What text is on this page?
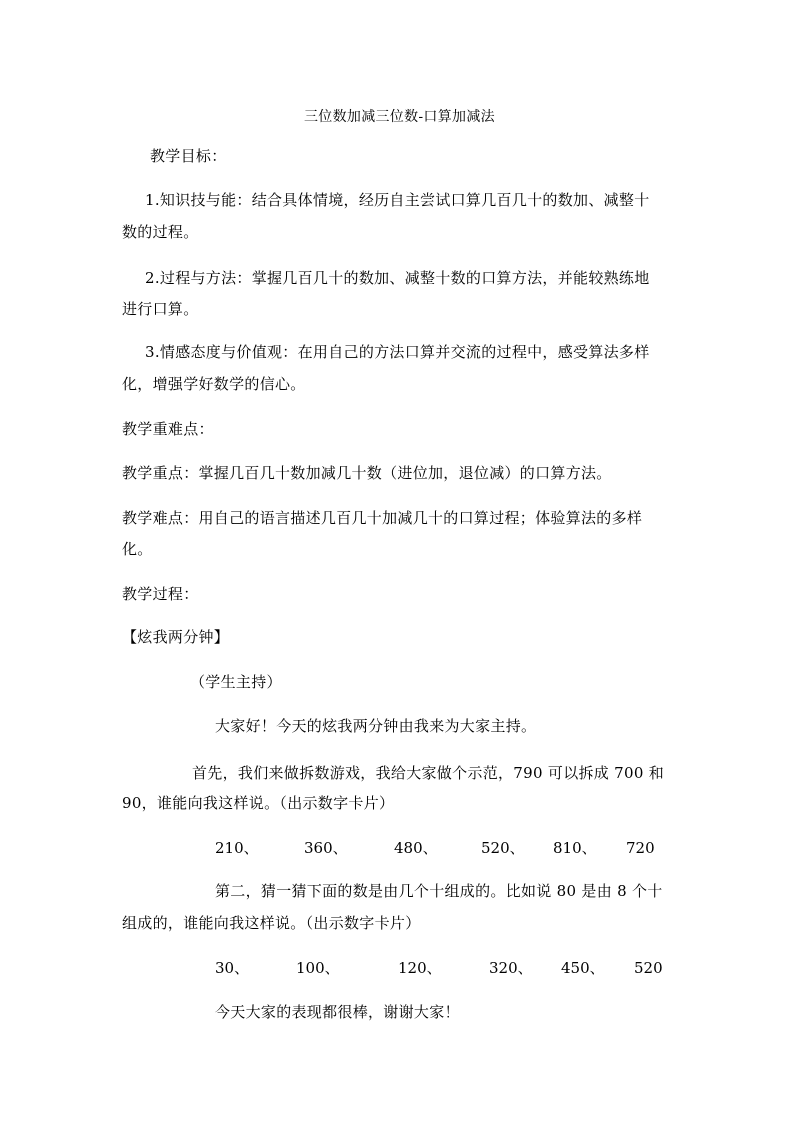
三位数加减三位数-口算加减法
教学目标：
1.知识技与能：结合具体情境，经历自主尝试口算几百几十的数加、减整十
数的过程。
2.过程与方法：掌握几百几十的数加、减整十数的口算方法，并能较熟练地
进行口算。
3.情感态度与价值观：在用自己的方法口算并交流的过程中，感受算法多样
化，增强学好数学的信心。
教学重难点：
教学重点：掌握几百几十数加减几十数（进位加，退位减）的口算方法。
教学难点：用自己的语言描述几百几十加减几十的口算过程；体验算法的多样
化。
教学过程：
【炫我两分钟】
（学生主持）
大家好！今天的炫我两分钟由我来为大家主持。
首先，我们来做拆数游戏，我给大家做个示范，790 可以拆成 700 和
90，谁能向我这样说。（出示数字卡片）
210、	360、	480、	520、 810、 720
第二，猜一猜下面的数是由几个十组成的。比如说 80 是由 8 个十
组成的，谁能向我这样说。（出示数字卡片）
30、	100、	120、	320、 450、 520
今天大家的表现都很棒，谢谢大家！
